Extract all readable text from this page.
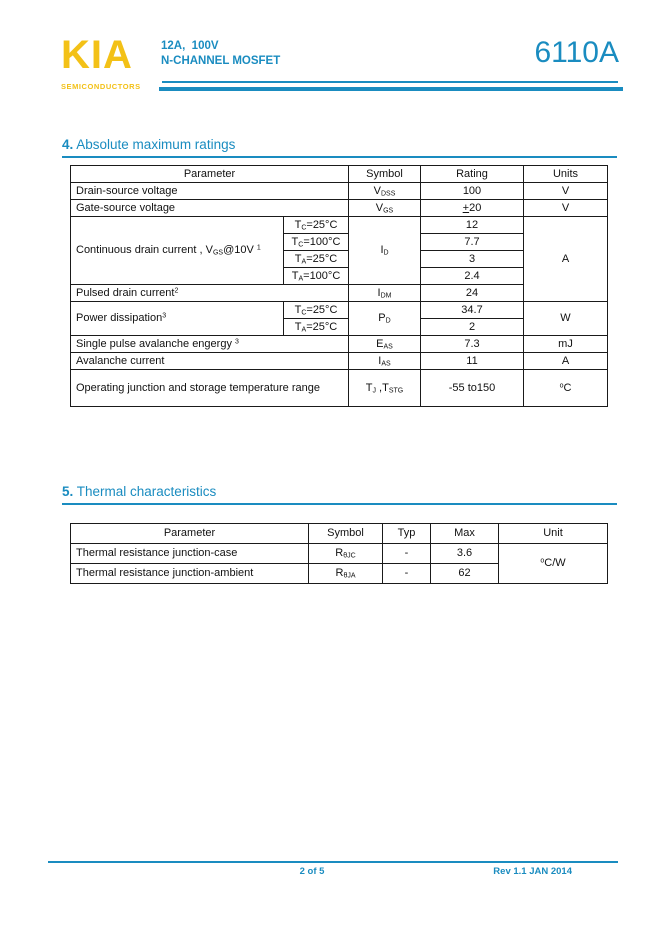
KIA
SEMICONDUCTORS
12A,  100V
N-CHANNEL MOSFET	6110A
4. Absolute maximum ratings
Parameter		Symbol	Rating	Units
Drain-source voltage		$V_{DSS}$	100	V
Gate-source voltage		$V_{GS}$	+20	V
Continuous drain current , $V_{GS}@10V$ $^1$	$T_C=25^\circ C$	$I_D$	12	A
	$T_C=100^\circ C$		7.7	
	$T_A=25^\circ C$		3	
	$T_A=100^\circ C$		2.4	
Pulsed drain current$^2$		$I_{DM}$	24	
Power dissipation$^3$	$T_C=25^\circ C$	$P_D$	34.7	W
	$T_A=25^\circ C$		2	
Single pulse avalanche engergy $^3$		$E_{AS}$	7.3	mJ
Avalanche current		$I_{AS}$	11	A
Operating junction and storage temperature range		$T_J$ $,T_{STG}$	-55 to150	$^o$C
5. Thermal characteristics
Parameter	Symbol	Typ	Max	Unit
Thermal resistance junction-case	$R_{\theta JC}$	-	3.6	$^o$C/W
Thermal resistance junction-ambient	$R_{\theta JA}$	-	62	
2 of 5	Rev 1.1 JAN 2014
